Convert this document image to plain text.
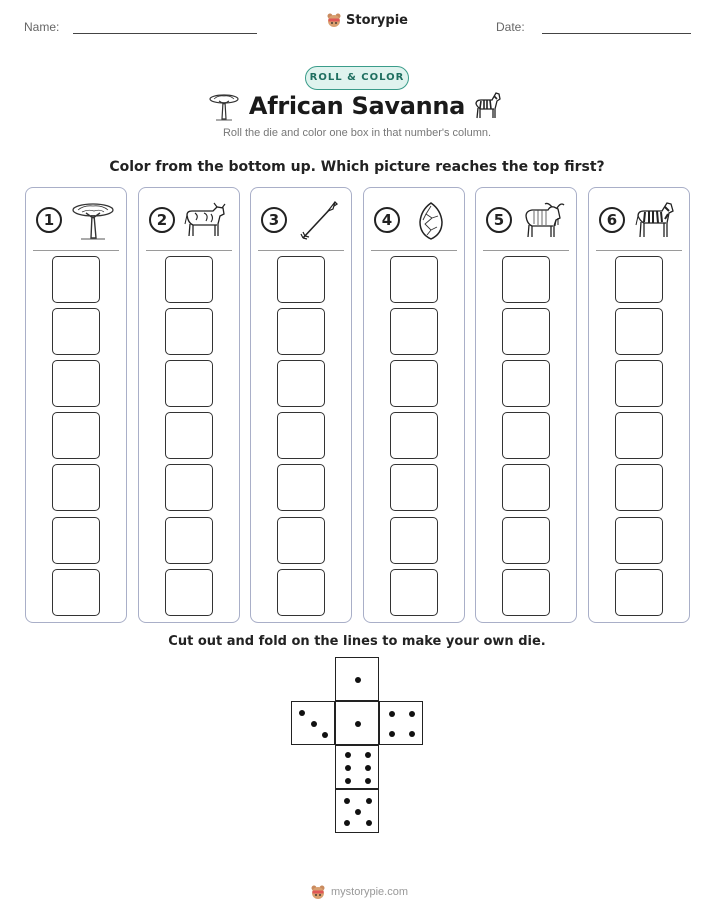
Name:	Storypie	Date:
ROLL & COLOR
African Savanna
Roll the die and color one box in that number's column.
Color from the bottom up. Which picture reaches the top first?
1	2	3	4	5	6
Cut out and fold on the lines to make your own die.
mystorypie.com
